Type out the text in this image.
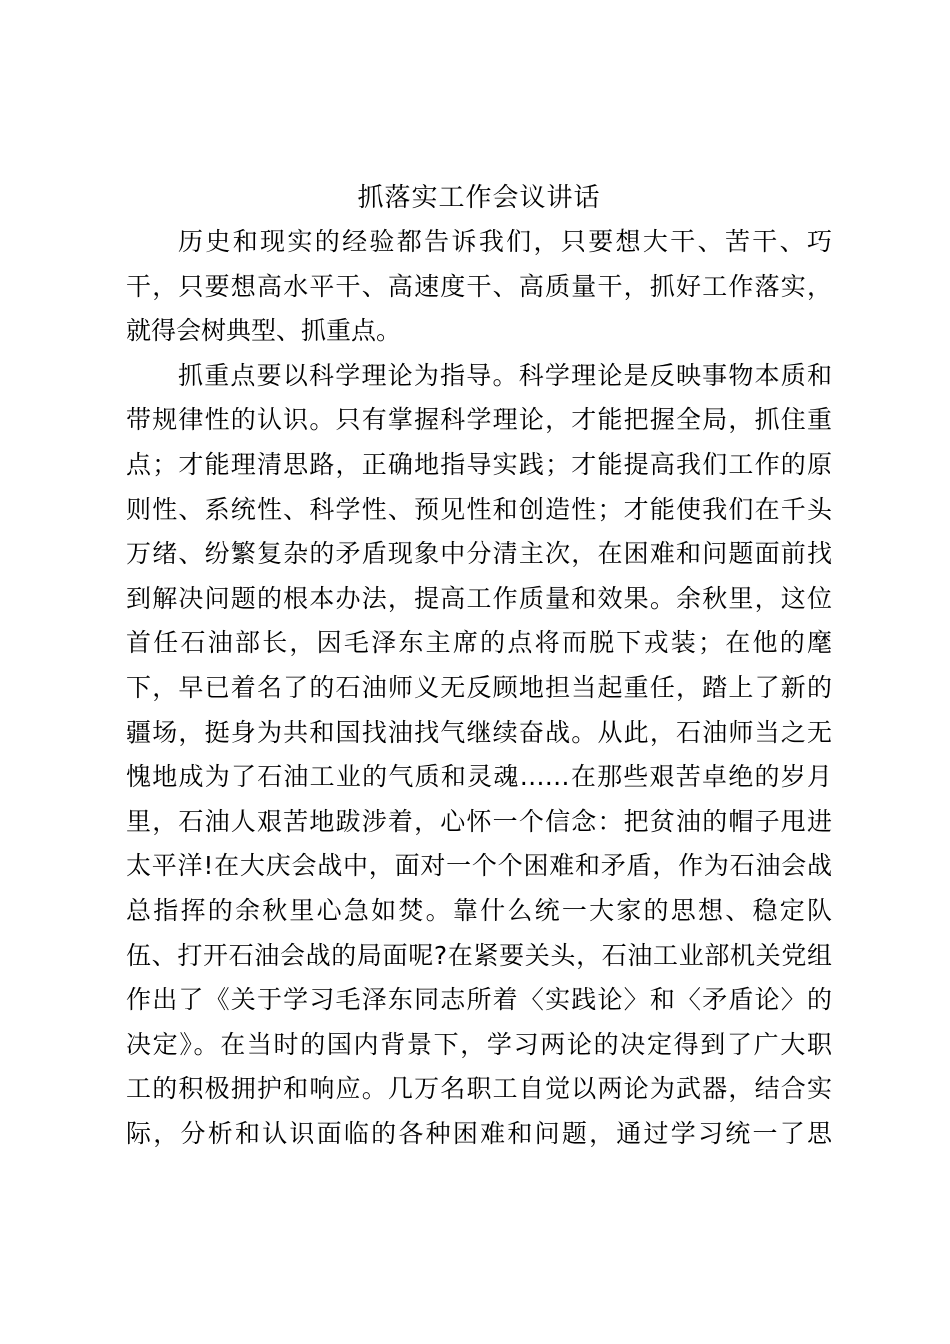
抓落实工作会议讲话
历史和现实的经验都告诉我们，只要想大干、苦干、巧
干，只要想高水平干、高速度干、高质量干，抓好工作落实，
就得会树典型、抓重点。
抓重点要以科学理论为指导。科学理论是反映事物本质和
带规律性的认识。只有掌握科学理论，才能把握全局，抓住重
点；才能理清思路，正确地指导实践；才能提高我们工作的原
则性、系统性、科学性、预见性和创造性；才能使我们在千头
万绪、纷繁复杂的矛盾现象中分清主次，在困难和问题面前找
到解决问题的根本办法，提高工作质量和效果。余秋里，这位
首任石油部长，因毛泽东主席的点将而脱下戎装；在他的麾
下，早已着名了的石油师义无反顾地担当起重任，踏上了新的
疆场，挺身为共和国找油找气继续奋战。从此，石油师当之无
愧地成为了石油工业的气质和灵魂……在那些艰苦卓绝的岁月
里，石油人艰苦地跋涉着，心怀一个信念：把贫油的帽子甩进
太平洋!在大庆会战中，面对一个个困难和矛盾，作为石油会战
总指挥的余秋里心急如焚。靠什么统一大家的思想、稳定队
伍、打开石油会战的局面呢?在紧要关头，石油工业部机关党组
作出了《关于学习毛泽东同志所着〈实践论〉和〈矛盾论〉的
决定》。在当时的国内背景下，学习两论的决定得到了广大职
工的积极拥护和响应。几万名职工自觉以两论为武器，结合实
际，分析和认识面临的各种困难和问题，通过学习统一了思
